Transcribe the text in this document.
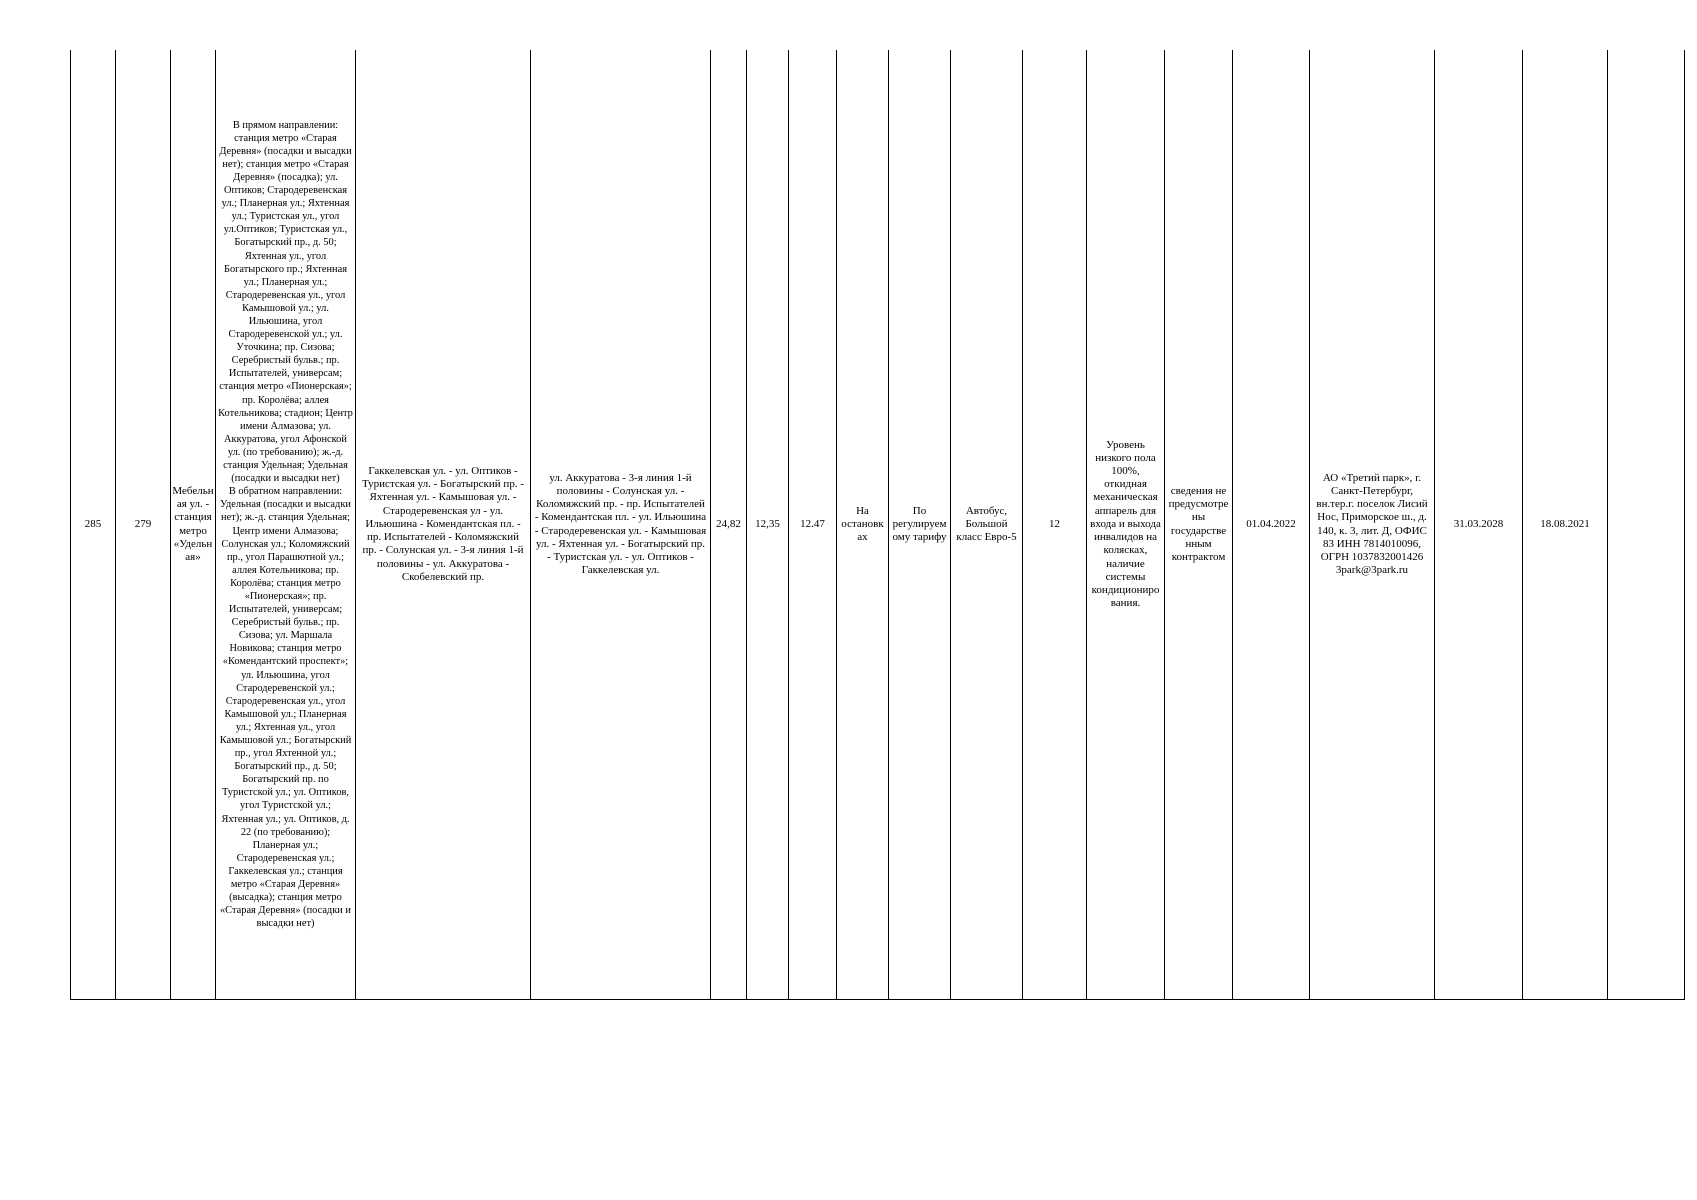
285	279	Мебельная ул. - станция метро «Удельная»	В прямом направлении: станция метро «Старая Деревня» (посадки и высадки нет); станция метро «Старая Деревня» (посадка); ул. Оптиков; Стародеревенская ул.; Планерная ул.; Яхтенная ул.; Туристская ул., угол ул.Оптиков; Туристская ул., Богатырский пр., д. 50; Яхтенная ул., угол Богатырского пр.; Яхтенная ул.; Планерная ул.; Стародеревенская ул., угол Камышовой ул.; ул. Ильюшина, угол Стародеревенской ул.; ул. Уточкина; пр. Сизова; Серебристый бульв.; пр. Испытателей, универсам; станция метро «Пионерская»; пр. Королёва; аллея Котельникова; стадион; Центр имени Алмазова; ул. Аккуратова, угол Афонской ул. (по требованию); ж.-д. станция Удельная; Удельная (посадки и высадки нет)
В обратном направлении: Удельная (посадки и высадки нет); ж.-д. станция Удельная; Центр имени Алмазова; Солунская ул.; Коломяжский пр., угол Парашютной ул.; аллея Котельникова; пр. Королёва; станция метро «Пионерская»; пр. Испытателей, универсам; Серебристый бульв.; пр. Сизова; ул. Маршала Новикова; станция метро «Комендантский проспект»; ул. Ильюшина, угол Стародеревенской ул.; Стародеревенская ул., угол Камышовой ул.; Планерная ул.; Яхтенная ул., угол Камышовой ул.; Богатырский пр., угол Яхтенной ул.; Богатырский пр., д. 50; Богатырский пр. по Туристской ул.; ул. Оптиков, угол Туристской ул.; Яхтенная ул.; ул. Оптиков, д. 22 (по требованию); Планерная ул.; Стародеревенская ул.; Гаккелевская ул.; станция метро «Старая Деревня» (высадка); станция метро «Старая Деревня» (посадки и высадки нет)	Гаккелевская ул. - ул. Оптиков - Туристская ул. - Богатырский пр. - Яхтенная ул. - Камышовая ул. - Стародеревенская ул - ул. Ильюшина - Комендантская пл. - пр. Испытателей - Коломяжский пр. - Солунская ул. - 3-я линия 1-й половины - ул. Аккуратова - Скобелевский пр.	ул. Аккуратова - 3-я линия 1-й половины - Солунская ул. - Коломяжский пр. - пр. Испытателей - Комендантская пл. - ул. Ильюшина - Стародеревенская ул. - Камышовая ул. - Яхтенная ул. - Богатырский пр. - Туристская ул. - ул. Оптиков - Гаккелевская ул.	24,82	12,35	12.47	На остановках	По регулируемому тарифу	Автобус, Большой класс Евро-5	12	Уровень низкого пола 100%, откидная механическая аппарель для входа и выхода инвалидов на колясках, наличие системы кондиционирования.	сведения не предусмотрены государственным контрактом	01.04.2022	АО «Третий парк», г. Санкт-Петербург, вн.тер.г. поселок Лисий Нос, Приморское ш., д. 140, к. 3, лит. Д, ОФИС 83 ИНН 7814010096, ОГРН 1037832001426 3park@3park.ru	31.03.2028	18.08.2021	
